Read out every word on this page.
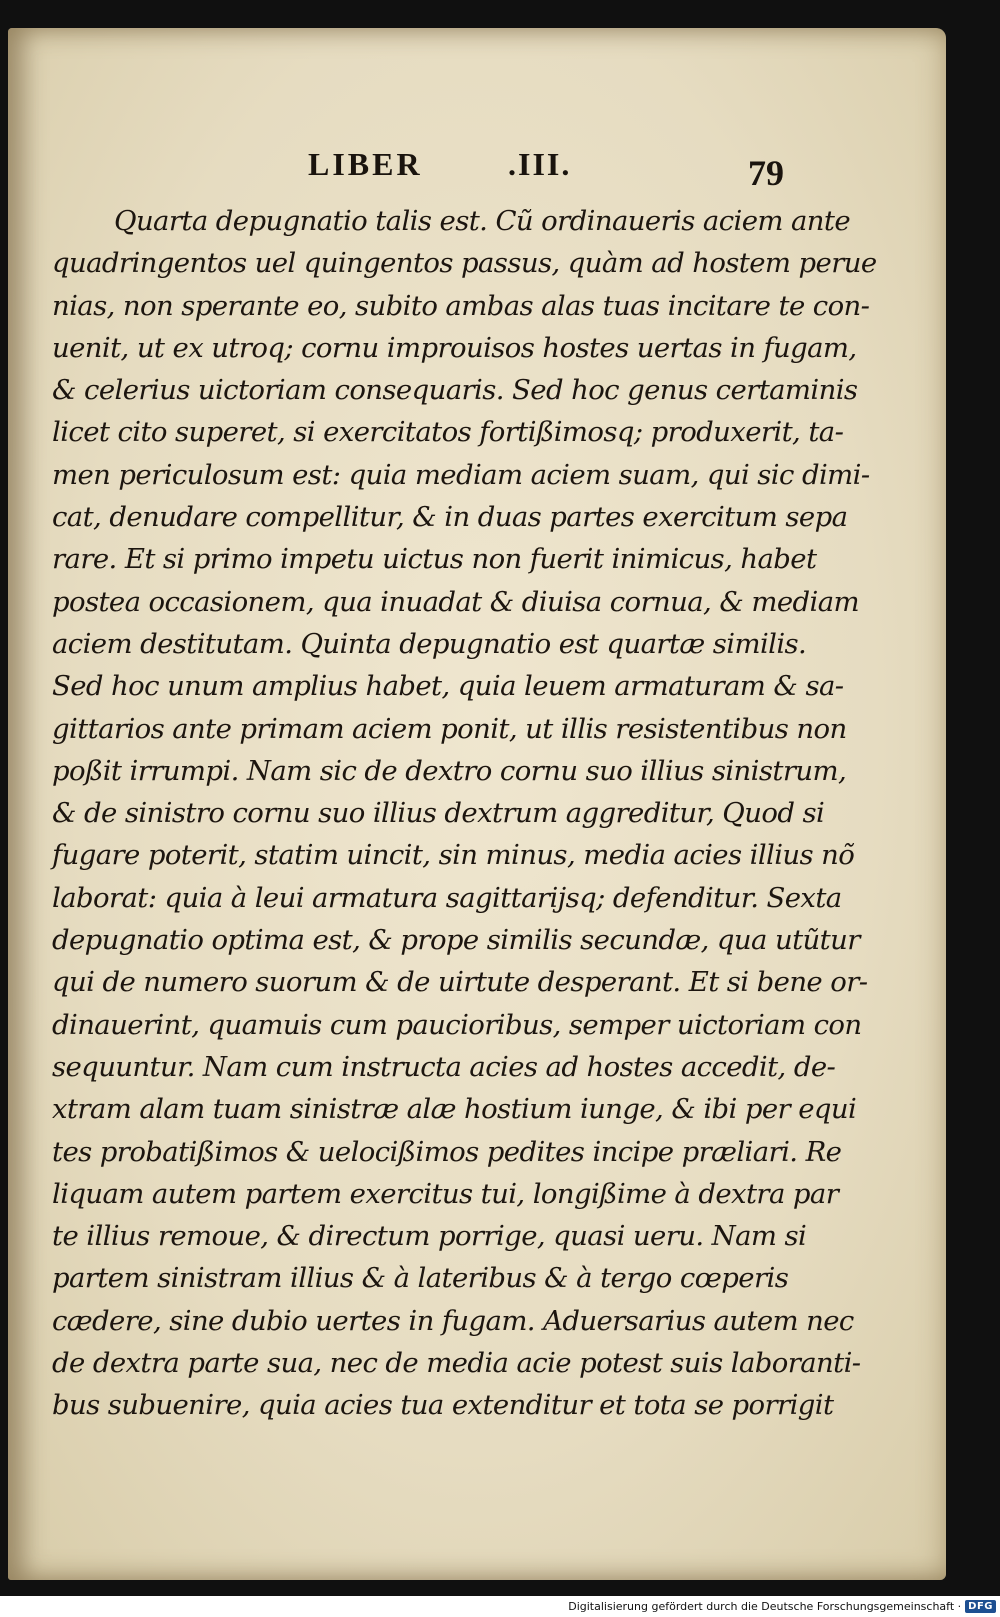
LIBER	.III.	79
Quarta depugnatio talis est. Cũ ordinaueris aciem ante
quadringentos uel quingentos passus, quàm ad hostem perue
nias, non sperante eo, subito ambas alas tuas incitare te con-
uenit, ut ex utroq; cornu improuisos hostes uertas in fugam,
& celerius uictoriam consequaris. Sed hoc genus certaminis
licet cito superet, si exercitatos fortißimosq; produxerit, ta-
men periculosum est: quia mediam aciem suam, qui sic dimi-
cat, denudare compellitur, & in duas partes exercitum sepa
rare. Et si primo impetu uictus non fuerit inimicus, habet
postea occasionem, qua inuadat & diuisa cornua, & mediam
aciem destitutam. Quinta depugnatio est quartæ similis.
Sed hoc unum amplius habet, quia leuem armaturam & sa-
gittarios ante primam aciem ponit, ut illis resistentibus non
poßit irrumpi. Nam sic de dextro cornu suo illius sinistrum,
& de sinistro cornu suo illius dextrum aggreditur, Quod si
fugare poterit, statim uincit, sin minus, media acies illius nõ
laborat: quia à leui armatura sagittarijsq; defenditur. Sexta
depugnatio optima est, & prope similis secundæ, qua utũtur
qui de numero suorum & de uirtute desperant. Et si bene or-
dinauerint, quamuis cum paucioribus, semper uictoriam con
sequuntur. Nam cum instructa acies ad hostes accedit, de-
xtram alam tuam sinistræ alæ hostium iunge, & ibi per equi
tes probatißimos & uelocißimos pedites incipe præliari. Re
liquam autem partem exercitus tui, longißime à dextra par
te illius remoue, & directum porrige, quasi ueru. Nam si
partem sinistram illius & à lateribus & à tergo cœperis
cædere, sine dubio uertes in fugam. Aduersarius autem nec
de dextra parte sua, nec de media acie potest suis laboranti-
bus subuenire, quia acies tua extenditur et tota se porrigit
Digitalisierung gefördert durch die Deutsche Forschungsgemeinschaft · DFG
